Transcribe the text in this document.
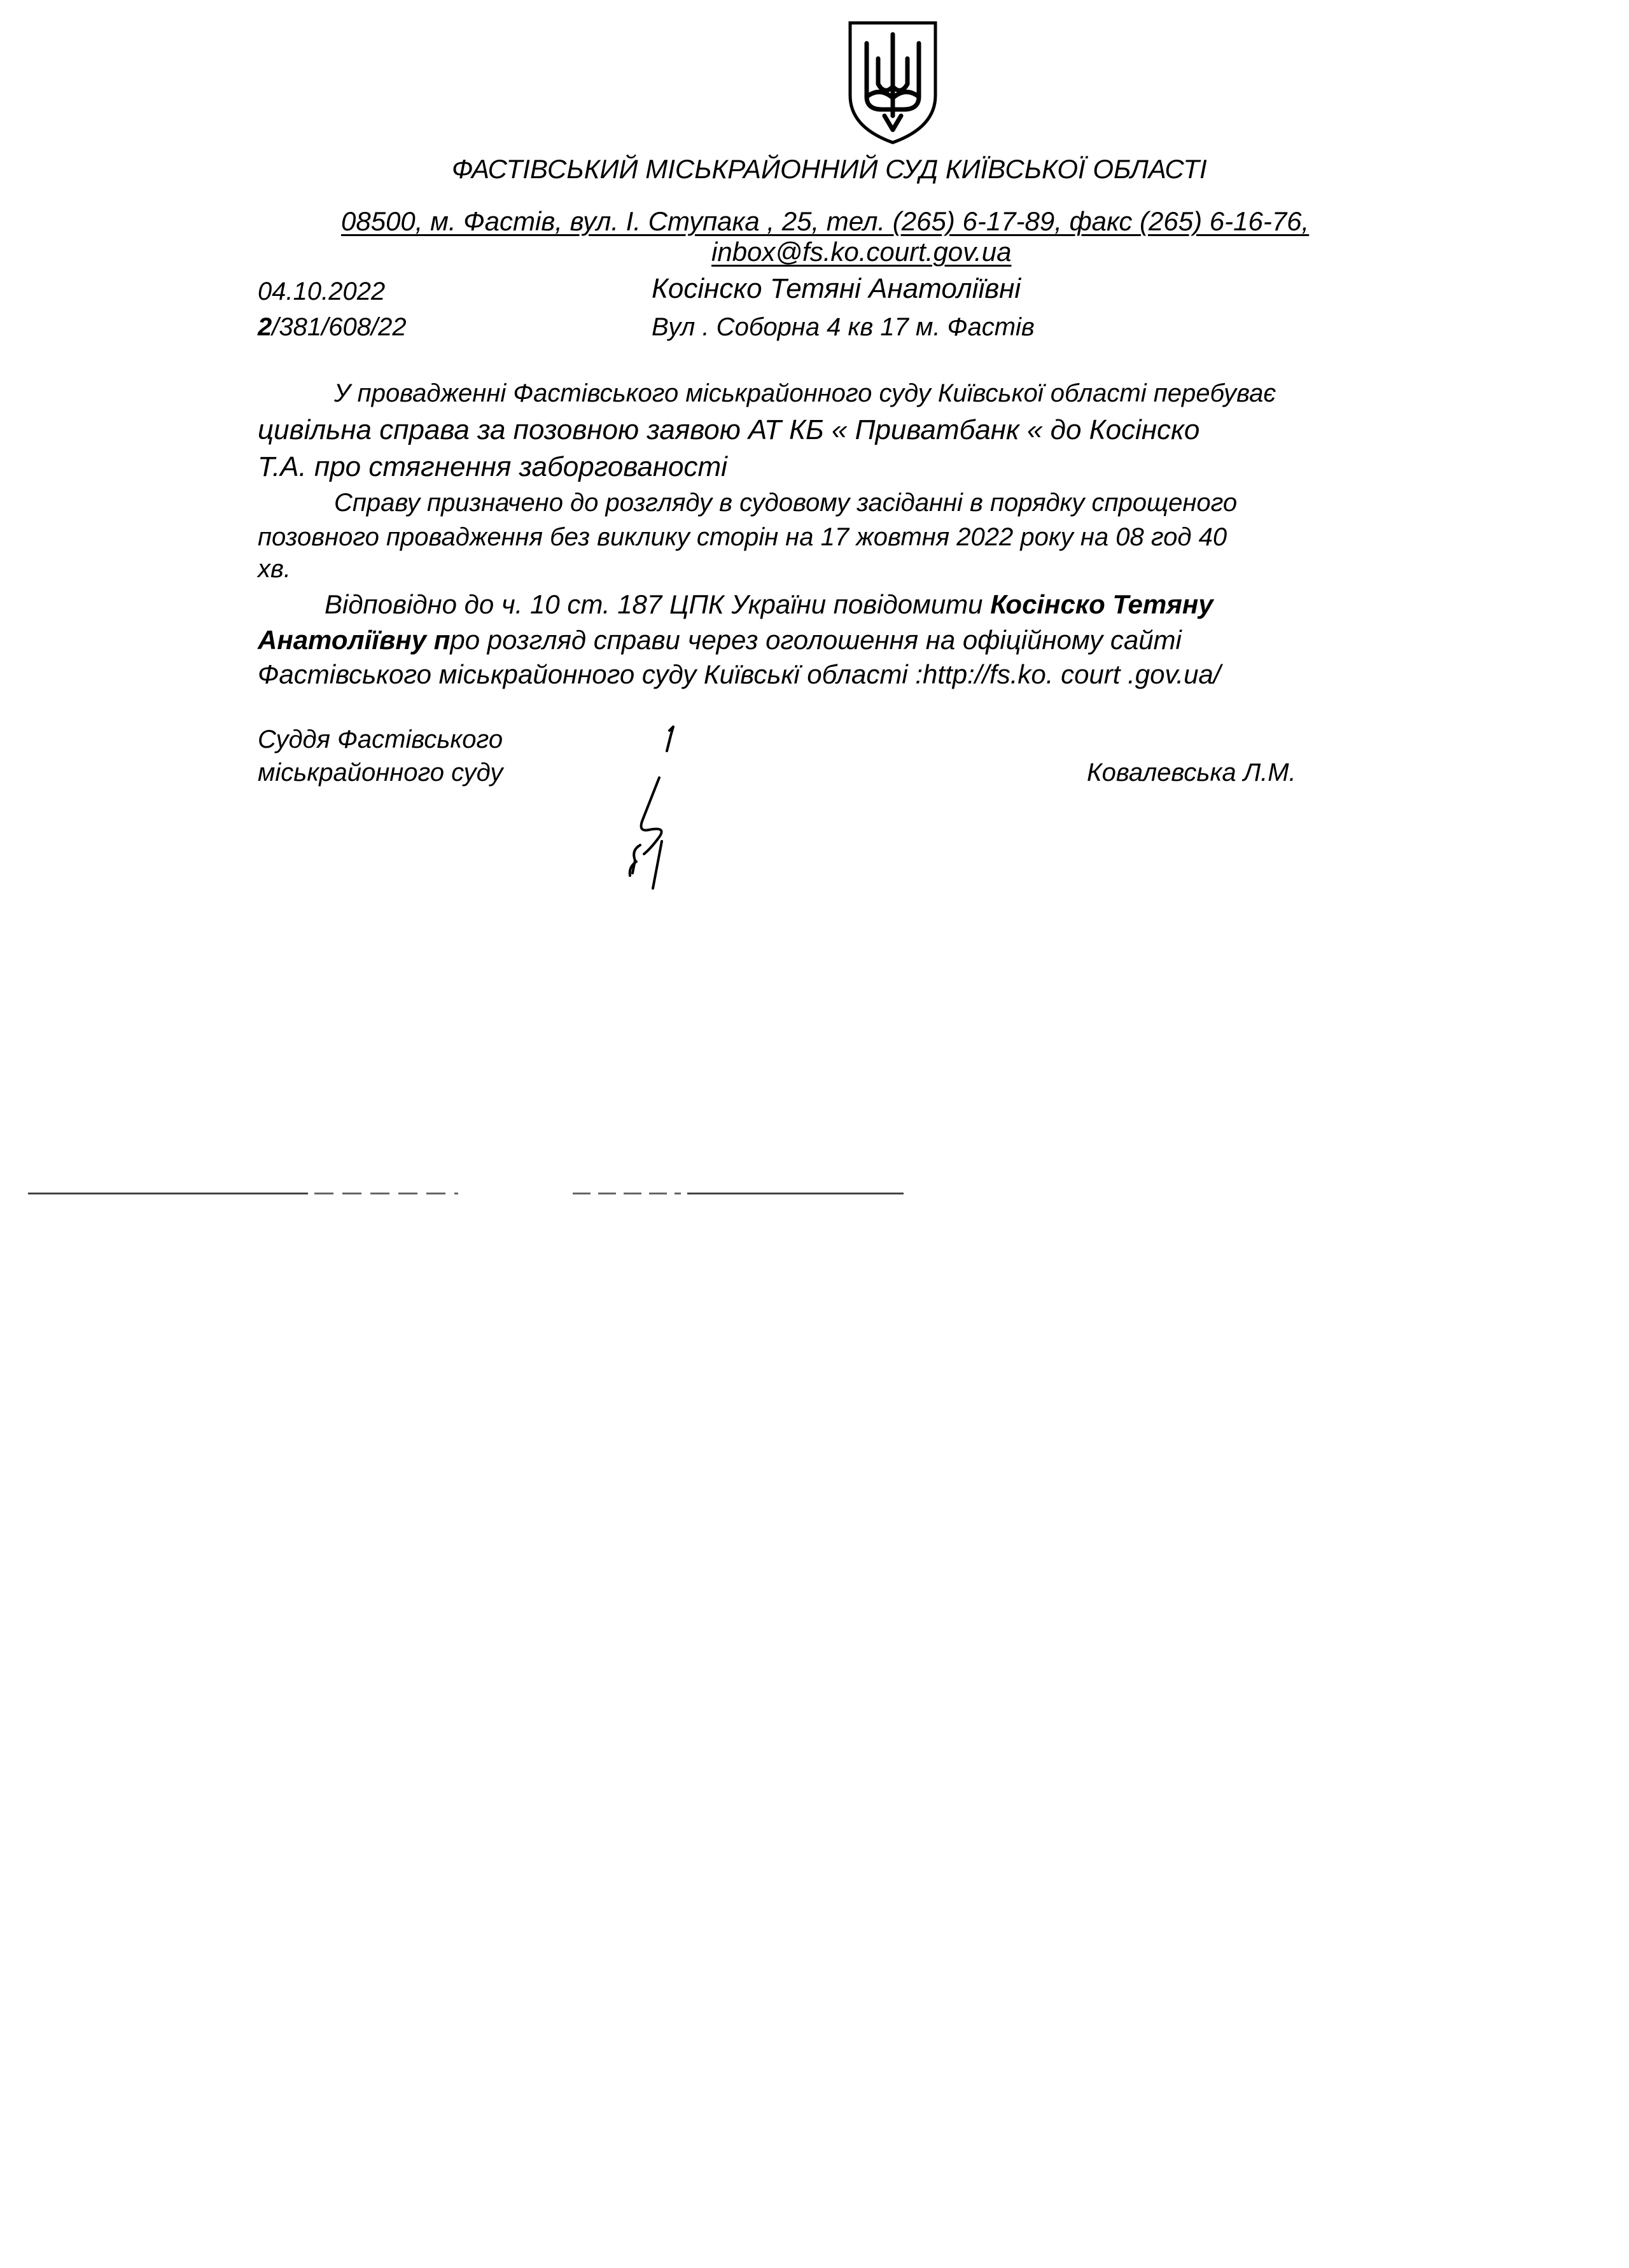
ФАСТІВСЬКИЙ МІСЬКРАЙОННИЙ СУД КИЇВСЬКОЇ ОБЛАСТІ
08500, м. Фастів, вул. І. Ступака , 25, тел. (265) 6-17-89, факс (265) 6-16-76,
inbox@fs.ko.court.gov.ua
04.10.2022
2/381/608/22
Косінско Тетяні Анатоліївні
Вул . Соборна 4 кв 17 м. Фастів
У провадженні Фастівського міськрайонного суду Київської області перебуває
цивільна справа за позовною заявою АТ КБ « Приватбанк « до Косінско
Т.А. про стягнення заборгованості
Справу призначено до розгляду в судовому засіданні в порядку спрощеного
позовного провадження без виклику сторін на 17 жовтня 2022 року на 08 год 40
хв.
Відповідно до ч. 10 ст. 187 ЦПК України повідомити Косінско Тетяну
Анатоліївну про розгляд справи через оголошення на офіційному сайті
Фастівського міськрайонного суду Київськї області :http://fs.ko. court .gov.ua/
Суддя Фастівського
міськрайонного суду	Ковалевська Л.М.
